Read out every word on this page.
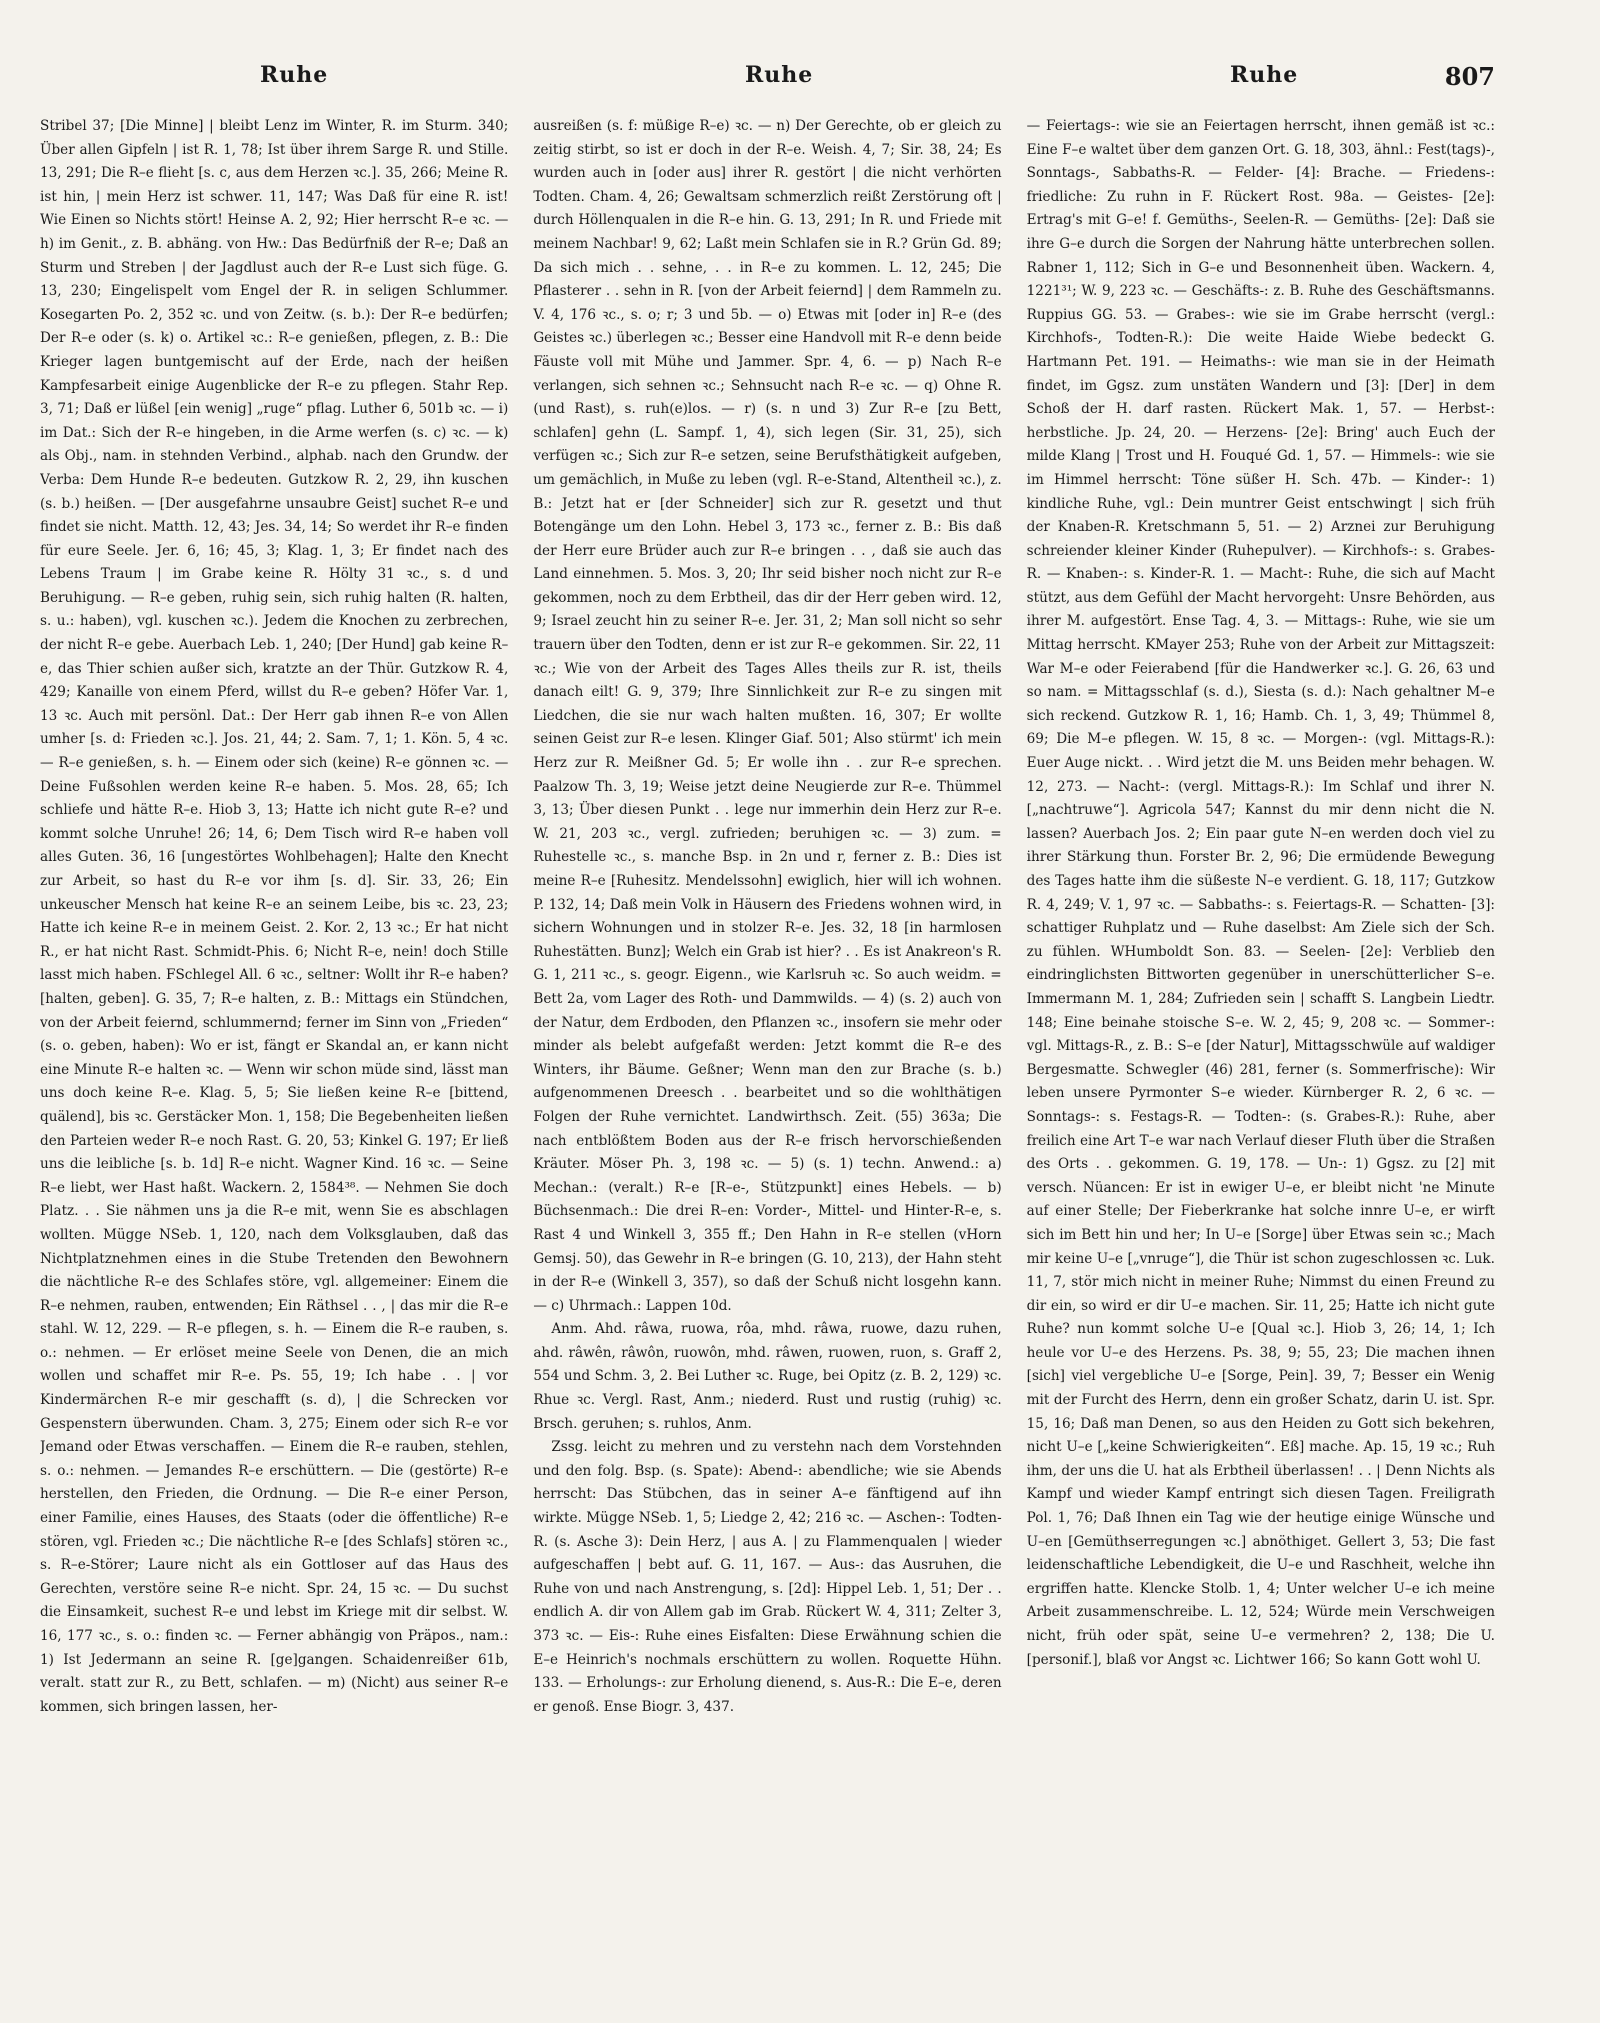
Ruhe	Ruhe	Ruhe	807

Stribel 37; [Die Minne] | bleibt Lenz im Winter, R. im Sturm. 340; Über allen Gipfeln | ist R. 1, 78; Ist über ihrem Sarge R. und Stille. 13, 291; Die R–e flieht [s. c, aus dem Herzen ꝛc.]. 35, 266; Meine R. ist hin, | mein Herz ist schwer. 11, 147; Was Daß für eine R. ist! Wie Einen so Nichts stört! Heinse A. 2, 92; Hier herrscht R–e ꝛc. — h) im Genit., z. B. abhäng. von Hw.: Das Bedürfniß der R–e; Daß an Sturm und Streben | der Jagdlust auch der R–e Lust sich füge. G. 13, 230; Eingelispelt vom Engel der R. in seligen Schlummer. Kosegarten Po. 2, 352 ꝛc. und von Zeitw. (s. b.): Der R–e bedürfen; Der R–e oder (s. k) o. Artikel ꝛc.: R–e genießen, pflegen, z. B.: Die Krieger lagen buntgemischt auf der Erde, nach der heißen Kampfesarbeit einige Augenblicke der R–e zu pflegen. Stahr Rep. 3, 71; Daß er lüßel [ein wenig] „ruge“ pflag. Luther 6, 501b ꝛc. — i) im Dat.: Sich der R–e hingeben, in die Arme werfen (s. c) ꝛc. — k) als Obj., nam. in stehnden Verbind., alphab. nach den Grundw. der Verba: Dem Hunde R–e bedeuten. Gutzkow R. 2, 29, ihn kuschen (s. b.) heißen. — [Der ausgefahrne unsaubre Geist] suchet R–e und findet sie nicht. Matth. 12, 43; Jes. 34, 14; So werdet ihr R–e finden für eure Seele. Jer. 6, 16; 45, 3; Klag. 1, 3; Er findet nach des Lebens Traum | im Grabe keine R. Hölty 31 ꝛc., s. d und Beruhigung. — R–e geben, ruhig sein, sich ruhig halten (R. halten, s. u.: haben), vgl. kuschen ꝛc.). Jedem die Knochen zu zerbrechen, der nicht R–e gebe. Auerbach Leb. 1, 240; [Der Hund] gab keine R–e, das Thier schien außer sich, kratzte an der Thür. Gutzkow R. 4, 429; Kanaille von einem Pferd, willst du R–e geben? Höfer Var. 1, 13 ꝛc. Auch mit persönl. Dat.: Der Herr gab ihnen R–e von Allen umher [s. d: Frieden ꝛc.]. Jos. 21, 44; 2. Sam. 7, 1; 1. Kön. 5, 4 ꝛc. — R–e genießen, s. h. — Einem oder sich (keine) R–e gönnen ꝛc. — Deine Fußsohlen werden keine R–e haben. 5. Mos. 28, 65; Ich schliefe und hätte R–e. Hiob 3, 13; Hatte ich nicht gute R–e? und kommt solche Unruhe! 26; 14, 6; Dem Tisch wird R–e haben voll alles Guten. 36, 16 [ungestörtes Wohlbehagen]; Halte den Knecht zur Arbeit, so hast du R–e vor ihm [s. d]. Sir. 33, 26; Ein unkeuscher Mensch hat keine R–e an seinem Leibe, bis ꝛc. 23, 23; Hatte ich keine R–e in meinem Geist. 2. Kor. 2, 13 ꝛc.; Er hat nicht R., er hat nicht Rast. Schmidt-Phis. 6; Nicht R–e, nein! doch Stille lasst mich haben. FSchlegel All. 6 ꝛc., seltner: Wollt ihr R–e haben? [halten, geben]. G. 35, 7; R–e halten, z. B.: Mittags ein Stündchen, von der Arbeit feiernd, schlummernd; ferner im Sinn von „Frieden“ (s. o. geben, haben): Wo er ist, fängt er Skandal an, er kann nicht eine Minute R–e halten ꝛc. — Wenn wir schon müde sind, lässt man uns doch keine R–e. Klag. 5, 5; Sie ließen keine R–e [bittend, quälend], bis ꝛc. Gerstäcker Mon. 1, 158; Die Begebenheiten ließen den Parteien weder R–e noch Rast. G. 20, 53; Kinkel G. 197; Er ließ uns die leibliche [s. b. 1d] R–e nicht. Wagner Kind. 16 ꝛc. — Seine R–e liebt, wer Hast haßt. Wackern. 2, 1584³⁸. — Nehmen Sie doch Platz. . . Sie nähmen uns ja die R–e mit, wenn Sie es abschlagen wollten. Mügge NSeb. 1, 120, nach dem Volksglauben, daß das Nichtplatznehmen eines in die Stube Tretenden den Bewohnern die nächtliche R–e des Schlafes störe, vgl. allgemeiner: Einem die R–e nehmen, rauben, entwenden; Ein Räthsel . . , | das mir die R–e stahl. W. 12, 229. — R–e pflegen, s. h. — Einem die R–e rauben, s. o.: nehmen. — Er erlöset meine Seele von Denen, die an mich wollen und schaffet mir R–e. Ps. 55, 19; Ich habe . . | vor Kindermärchen R–e mir geschafft (s. d), | die Schrecken vor Gespenstern überwunden. Cham. 3, 275; Einem oder sich R–e vor Jemand oder Etwas verschaffen. — Einem die R–e rauben, stehlen, s. o.: nehmen. — Jemandes R–e erschüttern. — Die (gestörte) R–e herstellen, den Frieden, die Ordnung. — Die R–e einer Person, einer Familie, eines Hauses, des Staats (oder die öffentliche) R–e stören, vgl. Frieden ꝛc.; Die nächtliche R–e [des Schlafs] stören ꝛc., s. R–e-Störer; Laure nicht als ein Gottloser auf das Haus des Gerechten, verstöre seine R–e nicht. Spr. 24, 15 ꝛc. — Du suchst die Einsamkeit, suchest R–e und lebst im Kriege mit dir selbst. W. 16, 177 ꝛc., s. o.: finden ꝛc. — Ferner abhängig von Präpos., nam.: 1) Ist Jedermann an seine R. [ge]gangen. Schaidenreißer 61b, veralt. statt zur R., zu Bett, schlafen. — m) (Nicht) aus seiner R–e kommen, sich bringen lassen, her-

ausreißen (s. f: müßige R–e) ꝛc. — n) Der Gerechte, ob er gleich zu zeitig stirbt, so ist er doch in der R–e. Weish. 4, 7; Sir. 38, 24; Es wurden auch in [oder aus] ihrer R. gestört | die nicht verhörten Todten. Cham. 4, 26; Gewaltsam schmerzlich reißt Zerstörung oft | durch Höllenqualen in die R–e hin. G. 13, 291; In R. und Friede mit meinem Nachbar! 9, 62; Laßt mein Schlafen sie in R.? Grün Gd. 89; Da sich mich . . sehne, . . in R–e zu kommen. L. 12, 245; Die Pflasterer . . sehn in R. [von der Arbeit feiernd] | dem Rammeln zu. V. 4, 176 ꝛc., s. o; r; 3 und 5b. — o) Etwas mit [oder in] R–e (des Geistes ꝛc.) überlegen ꝛc.; Besser eine Handvoll mit R–e denn beide Fäuste voll mit Mühe und Jammer. Spr. 4, 6. — p) Nach R–e verlangen, sich sehnen ꝛc.; Sehnsucht nach R–e ꝛc. — q) Ohne R. (und Rast), s. ruh(e)los. — r) (s. n und 3) Zur R–e [zu Bett, schlafen] gehn (L. Sampf. 1, 4), sich legen (Sir. 31, 25), sich verfügen ꝛc.; Sich zur R–e setzen, seine Berufsthätigkeit aufgeben, um gemächlich, in Muße zu leben (vgl. R–e-Stand, Altentheil ꝛc.), z. B.: Jetzt hat er [der Schneider] sich zur R. gesetzt und thut Botengänge um den Lohn. Hebel 3, 173 ꝛc., ferner z. B.: Bis daß der Herr eure Brüder auch zur R–e bringen . . , daß sie auch das Land einnehmen. 5. Mos. 3, 20; Ihr seid bisher noch nicht zur R–e gekommen, noch zu dem Erbtheil, das dir der Herr geben wird. 12, 9; Israel zeucht hin zu seiner R–e. Jer. 31, 2; Man soll nicht so sehr trauern über den Todten, denn er ist zur R–e gekommen. Sir. 22, 11 ꝛc.; Wie von der Arbeit des Tages Alles theils zur R. ist, theils danach eilt! G. 9, 379; Ihre Sinnlichkeit zur R–e zu singen mit Liedchen, die sie nur wach halten mußten. 16, 307; Er wollte seinen Geist zur R–e lesen. Klinger Giaf. 501; Also stürmt' ich mein Herz zur R. Meißner Gd. 5; Er wolle ihn . . zur R–e sprechen. Paalzow Th. 3, 19; Weise jetzt deine Neugierde zur R–e. Thümmel 3, 13; Über diesen Punkt . . lege nur immerhin dein Herz zur R–e. W. 21, 203 ꝛc., vergl. zufrieden; beruhigen ꝛc. — 3) zum. = Ruhestelle ꝛc., s. manche Bsp. in 2n und r, ferner z. B.: Dies ist meine R–e [Ruhesitz. Mendelssohn] ewiglich, hier will ich wohnen. P. 132, 14; Daß mein Volk in Häusern des Friedens wohnen wird, in sichern Wohnungen und in stolzer R–e. Jes. 32, 18 [in harmlosen Ruhestätten. Bunz]; Welch ein Grab ist hier? . . Es ist Anakreon's R. G. 1, 211 ꝛc., s. geogr. Eigenn., wie Karlsruh ꝛc. So auch weidm. = Bett 2a, vom Lager des Roth- und Dammwilds. — 4) (s. 2) auch von der Natur, dem Erdboden, den Pflanzen ꝛc., insofern sie mehr oder minder als belebt aufgefaßt werden: Jetzt kommt die R–e des Winters, ihr Bäume. Geßner; Wenn man den zur Brache (s. b.) aufgenommenen Dreesch . . bearbeitet und so die wohlthätigen Folgen der Ruhe vernichtet. Landwirthsch. Zeit. (55) 363a; Die nach entblößtem Boden aus der R–e frisch hervorschießenden Kräuter. Möser Ph. 3, 198 ꝛc. — 5) (s. 1) techn. Anwend.: a) Mechan.: (veralt.) R–e [R–e-, Stützpunkt] eines Hebels. — b) Büchsenmach.: Die drei R–en: Vorder-, Mittel- und Hinter-R–e, s. Rast 4 und Winkell 3, 355 ff.; Den Hahn in R–e stellen (vHorn Gemsj. 50), das Gewehr in R–e bringen (G. 10, 213), der Hahn steht in der R–e (Winkell 3, 357), so daß der Schuß nicht losgehn kann. — c) Uhrmach.: Lappen 10d.

Anm. Ahd. râwa, ruowa, rôa, mhd. râwa, ruowe, dazu ruhen, ahd. râwên, râwôn, ruowôn, mhd. râwen, ruowen, ruon, s. Graff 2, 554 und Schm. 3, 2. Bei Luther ꝛc. Ruge, bei Opitz (z. B. 2, 129) ꝛc. Rhue ꝛc. Vergl. Rast, Anm.; niederd. Rust und rustig (ruhig) ꝛc. Brsch. geruhen; s. ruhlos, Anm.

Zssg. leicht zu mehren und zu verstehn nach dem Vorstehnden und den folg. Bsp. (s. Spate): Abend-: abendliche; wie sie Abends herrscht: Das Stübchen, das in seiner A–e fänftigend auf ihn wirkte. Mügge NSeb. 1, 5; Liedge 2, 42; 216 ꝛc. — Aschen-: Todten-R. (s. Asche 3): Dein Herz, | aus A. | zu Flammenqualen | wieder aufgeschaffen | bebt auf. G. 11, 167. — Aus-: das Ausruhen, die Ruhe von und nach Anstrengung, s. [2d]: Hippel Leb. 1, 51; Der . . endlich A. dir von Allem gab im Grab. Rückert W. 4, 311; Zelter 3, 373 ꝛc. — Eis-: Ruhe eines Eisfalten: Diese Erwähnung schien die E–e Heinrich's nochmals erschüttern zu wollen. Roquette Hühn. 133. — Erholungs-: zur Erholung dienend, s. Aus-R.: Die E–e, deren er genoß. Ense Biogr. 3, 437.

— Feiertags-: wie sie an Feiertagen herrscht, ihnen gemäß ist ꝛc.: Eine F–e waltet über dem ganzen Ort. G. 18, 303, ähnl.: Fest(tags)-, Sonntags-, Sabbaths-R. — Felder- [4]: Brache. — Friedens-: friedliche: Zu ruhn in F. Rückert Rost. 98a. — Geistes- [2e]: Ertrag's mit G–e! f. Gemüths-, Seelen-R. — Gemüths- [2e]: Daß sie ihre G–e durch die Sorgen der Nahrung hätte unterbrechen sollen. Rabner 1, 112; Sich in G–e und Besonnenheit üben. Wackern. 4, 1221³¹; W. 9, 223 ꝛc. — Geschäfts-: z. B. Ruhe des Geschäftsmanns. Ruppius GG. 53. — Grabes-: wie sie im Grabe herrscht (vergl.: Kirchhofs-, Todten-R.): Die weite Haide Wiebe bedeckt G. Hartmann Pet. 191. — Heimaths-: wie man sie in der Heimath findet, im Ggsz. zum unstäten Wandern und [3]: [Der] in dem Schoß der H. darf rasten. Rückert Mak. 1, 57. — Herbst-: herbstliche. Jp. 24, 20. — Herzens- [2e]: Bring' auch Euch der milde Klang | Trost und H. Fouqué Gd. 1, 57. — Himmels-: wie sie im Himmel herrscht: Töne süßer H. Sch. 47b. — Kinder-: 1) kindliche Ruhe, vgl.: Dein muntrer Geist entschwingt | sich früh der Knaben-R. Kretschmann 5, 51. — 2) Arznei zur Beruhigung schreiender kleiner Kinder (Ruhepulver). — Kirchhofs-: s. Grabes-R. — Knaben-: s. Kinder-R. 1. — Macht-: Ruhe, die sich auf Macht stützt, aus dem Gefühl der Macht hervorgeht: Unsre Behörden, aus ihrer M. aufgestört. Ense Tag. 4, 3. — Mittags-: Ruhe, wie sie um Mittag herrscht. KMayer 253; Ruhe von der Arbeit zur Mittagszeit: War M–e oder Feierabend [für die Handwerker ꝛc.]. G. 26, 63 und so nam. = Mittagsschlaf (s. d.), Siesta (s. d.): Nach gehaltner M–e sich reckend. Gutzkow R. 1, 16; Hamb. Ch. 1, 3, 49; Thümmel 8, 69; Die M–e pflegen. W. 15, 8 ꝛc. — Morgen-: (vgl. Mittags-R.): Euer Auge nickt. . . Wird jetzt die M. uns Beiden mehr behagen. W. 12, 273. — Nacht-: (vergl. Mittags-R.): Im Schlaf und ihrer N. [„nachtruwe“]. Agricola 547; Kannst du mir denn nicht die N. lassen? Auerbach Jos. 2; Ein paar gute N–en werden doch viel zu ihrer Stärkung thun. Forster Br. 2, 96; Die ermüdende Bewegung des Tages hatte ihm die süßeste N–e verdient. G. 18, 117; Gutzkow R. 4, 249; V. 1, 97 ꝛc. — Sabbaths-: s. Feiertags-R. — Schatten- [3]: schattiger Ruhplatz und — Ruhe daselbst: Am Ziele sich der Sch. zu fühlen. WHumboldt Son. 83. — Seelen- [2e]: Verblieb den eindringlichsten Bittworten gegenüber in unerschütterlicher S–e. Immermann M. 1, 284; Zufrieden sein | schafft S. Langbein Liedtr. 148; Eine beinahe stoische S–e. W. 2, 45; 9, 208 ꝛc. — Sommer-: vgl. Mittags-R., z. B.: S–e [der Natur], Mittagsschwüle auf waldiger Bergesmatte. Schwegler (46) 281, ferner (s. Sommerfrische): Wir leben unsere Pyrmonter S–e wieder. Kürnberger R. 2, 6 ꝛc. — Sonntags-: s. Festags-R. — Todten-: (s. Grabes-R.): Ruhe, aber freilich eine Art T–e war nach Verlauf dieser Fluth über die Straßen des Orts . . gekommen. G. 19, 178. — Un-: 1) Ggsz. zu [2] mit versch. Nüancen: Er ist in ewiger U–e, er bleibt nicht 'ne Minute auf einer Stelle; Der Fieberkranke hat solche innre U–e, er wirft sich im Bett hin und her; In U–e [Sorge] über Etwas sein ꝛc.; Mach mir keine U–e [„vnruge“], die Thür ist schon zugeschlossen ꝛc. Luk. 11, 7, stör mich nicht in meiner Ruhe; Nimmst du einen Freund zu dir ein, so wird er dir U–e machen. Sir. 11, 25; Hatte ich nicht gute Ruhe? nun kommt solche U–e [Qual ꝛc.]. Hiob 3, 26; 14, 1; Ich heule vor U–e des Herzens. Ps. 38, 9; 55, 23; Die machen ihnen [sich] viel vergebliche U–e [Sorge, Pein]. 39, 7; Besser ein Wenig mit der Furcht des Herrn, denn ein großer Schatz, darin U. ist. Spr. 15, 16; Daß man Denen, so aus den Heiden zu Gott sich bekehren, nicht U–e [„keine Schwierigkeiten“. Eß] mache. Ap. 15, 19 ꝛc.; Ruh ihm, der uns die U. hat als Erbtheil überlassen! . . | Denn Nichts als Kampf und wieder Kampf entringt sich diesen Tagen. Freiligrath Pol. 1, 76; Daß Ihnen ein Tag wie der heutige einige Wünsche und U–en [Gemüthserregungen ꝛc.] abnöthiget. Gellert 3, 53; Die fast leidenschaftliche Lebendigkeit, die U–e und Raschheit, welche ihn ergriffen hatte. Klencke Stolb. 1, 4; Unter welcher U–e ich meine Arbeit zusammenschreibe. L. 12, 524; Würde mein Verschweigen nicht, früh oder spät, seine U–e vermehren? 2, 138; Die U. [personif.], blaß vor Angst ꝛc. Lichtwer 166; So kann Gott wohl U.
